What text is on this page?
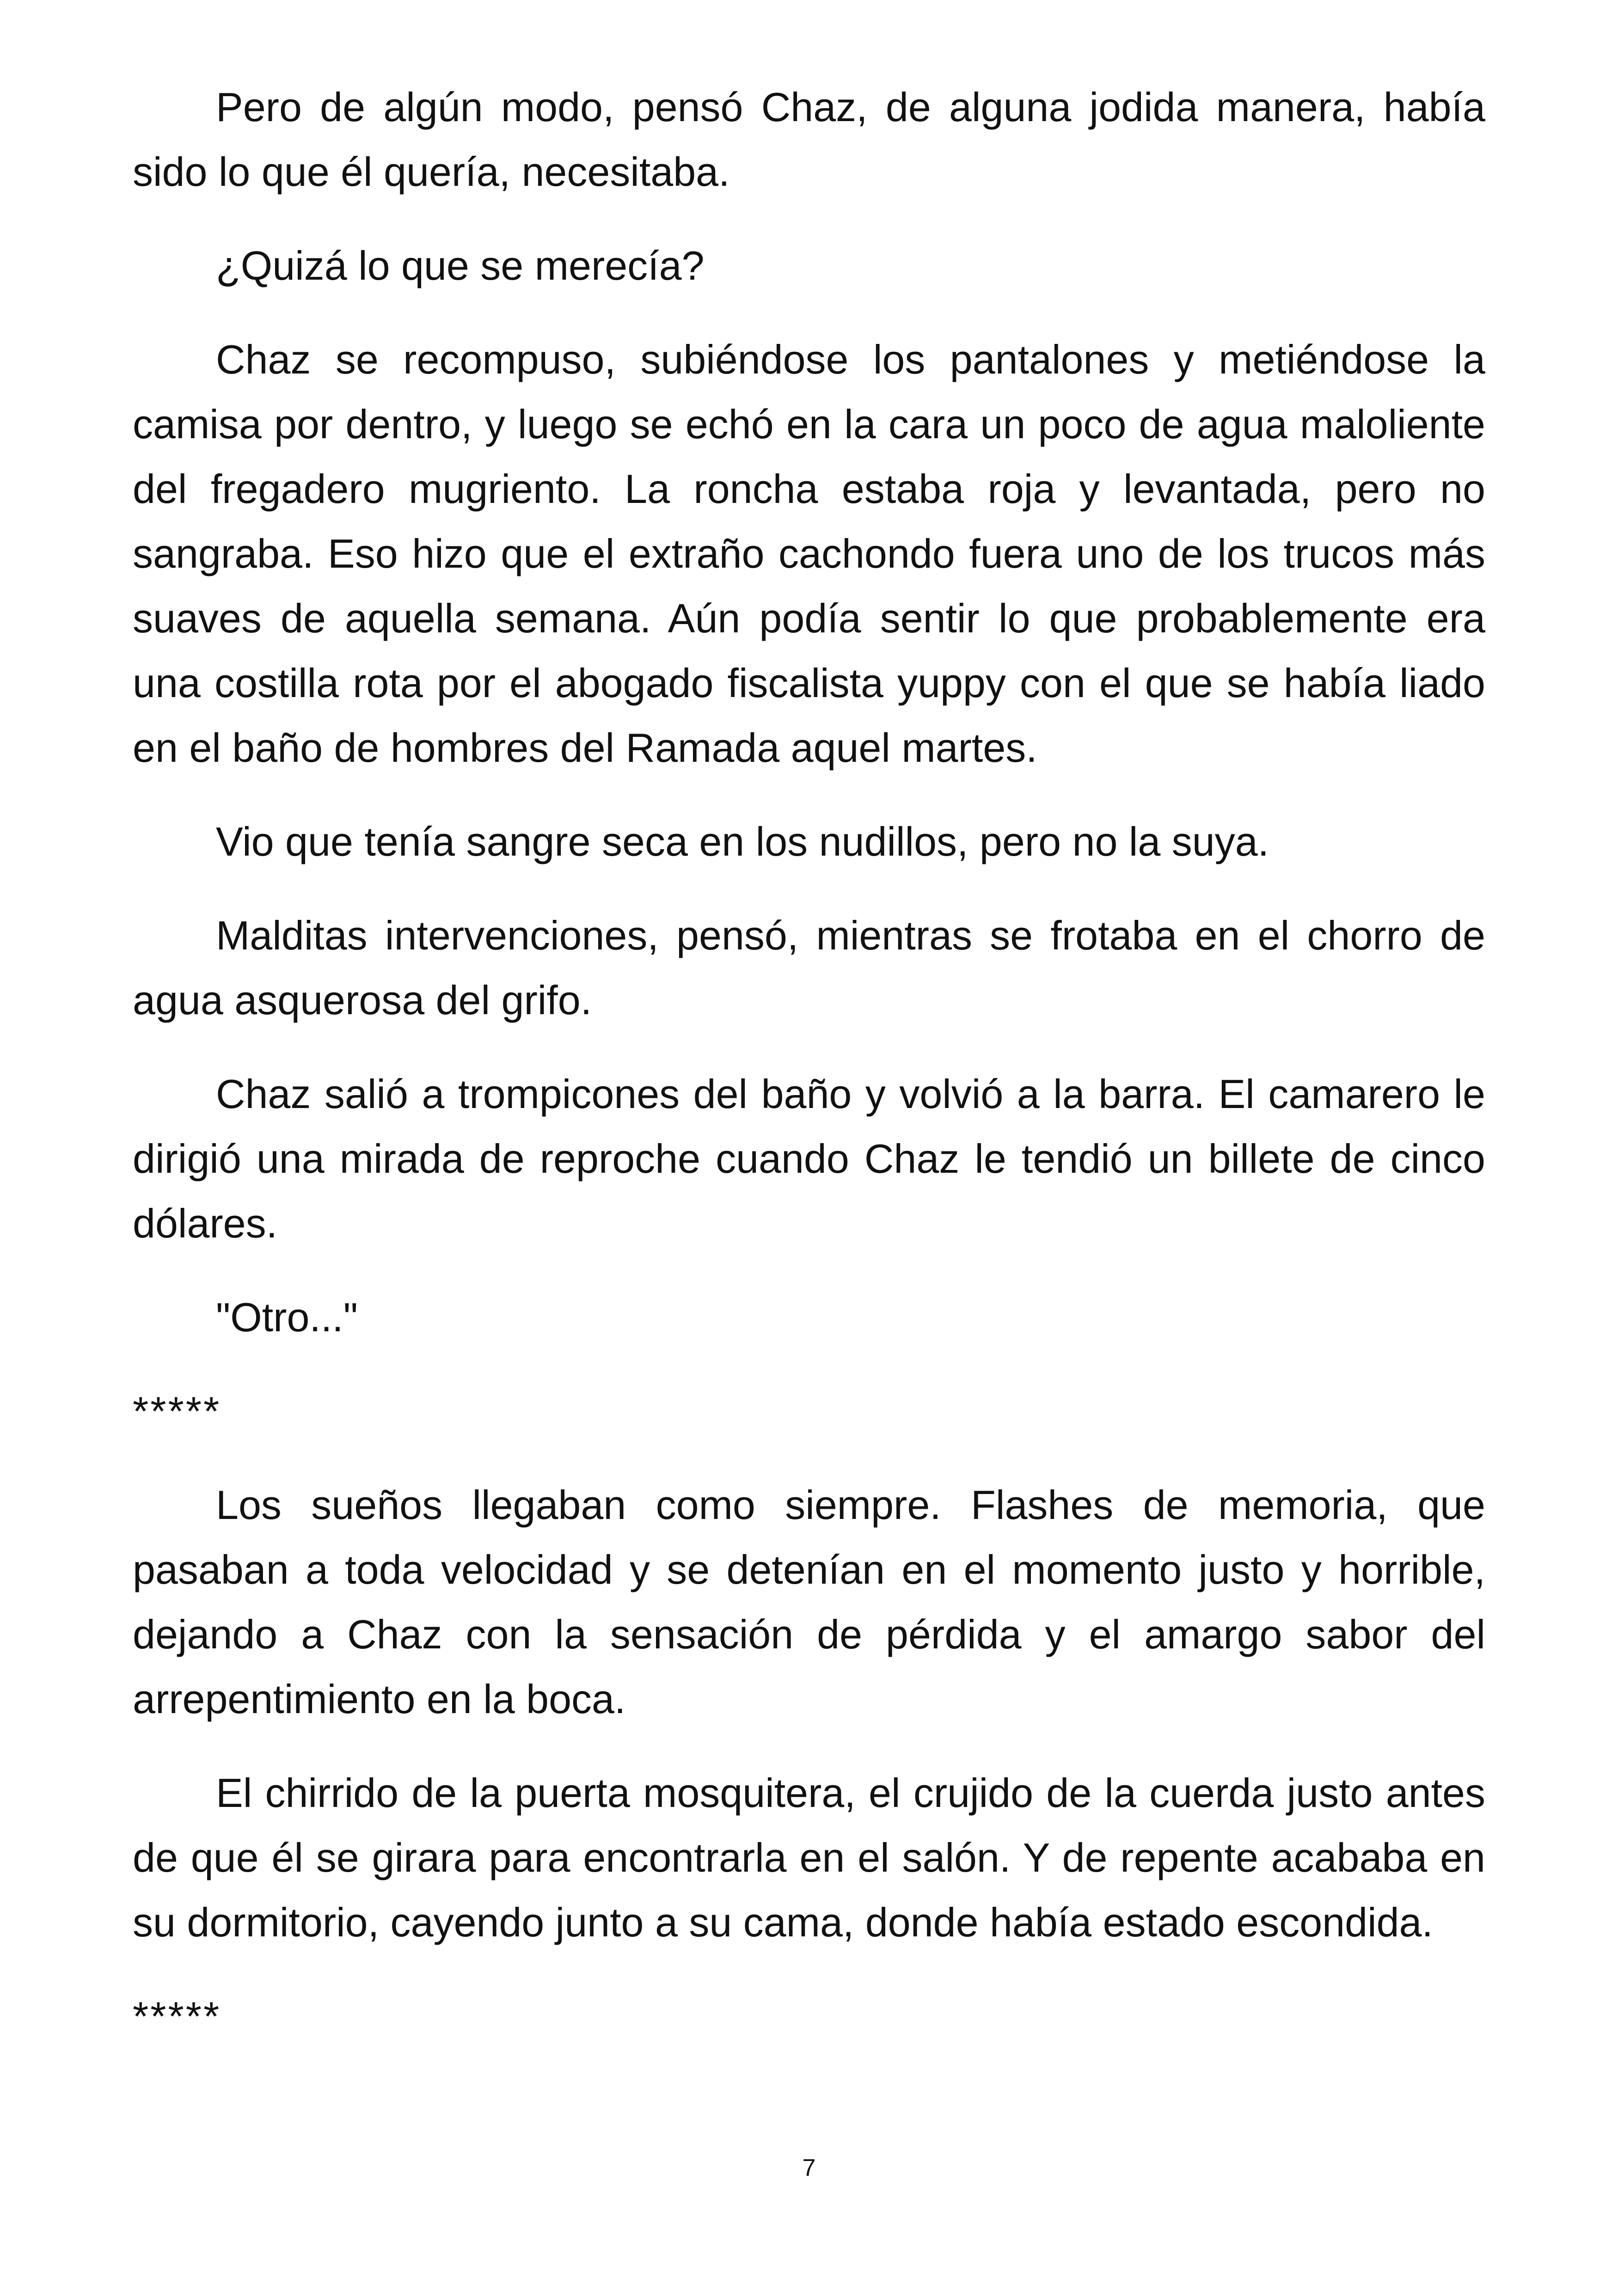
Pero de algún modo, pensó Chaz, de alguna jodida manera, había sido lo que él quería, necesitaba.

¿Quizá lo que se merecía?

Chaz se recompuso, subiéndose los pantalones y metiéndose la camisa por dentro, y luego se echó en la cara un poco de agua maloliente del fregadero mugriento. La roncha estaba roja y levantada, pero no sangraba. Eso hizo que el extraño cachondo fuera uno de los trucos más suaves de aquella semana. Aún podía sentir lo que probablemente era una costilla rota por el abogado fiscalista yuppy con el que se había liado en el baño de hombres del Ramada aquel martes.

Vio que tenía sangre seca en los nudillos, pero no la suya.

Malditas intervenciones, pensó, mientras se frotaba en el chorro de agua asquerosa del grifo.

Chaz salió a trompicones del baño y volvió a la barra. El camarero le dirigió una mirada de reproche cuando Chaz le tendió un billete de cinco dólares.

"Otro..."

*****

Los sueños llegaban como siempre. Flashes de memoria, que pasaban a toda velocidad y se detenían en el momento justo y horrible, dejando a Chaz con la sensación de pérdida y el amargo sabor del arrepentimiento en la boca.

El chirrido de la puerta mosquitera, el crujido de la cuerda justo antes de que él se girara para encontrarla en el salón. Y de repente acababa en su dormitorio, cayendo junto a su cama, donde había estado escondida.

*****

7
